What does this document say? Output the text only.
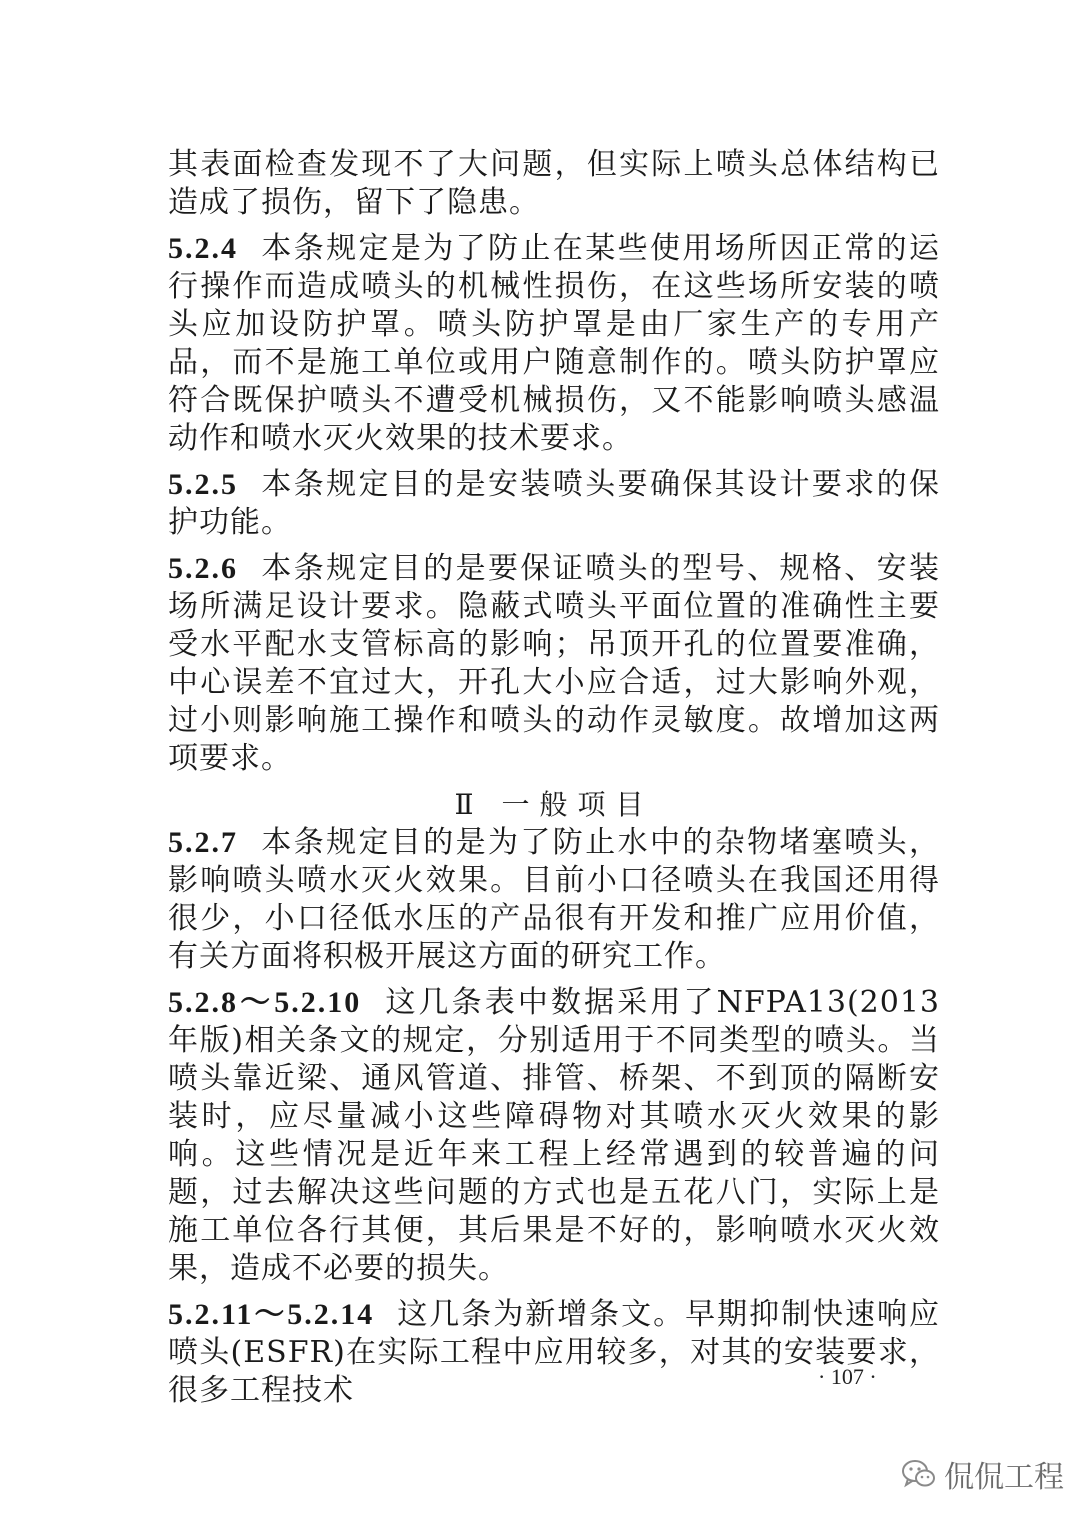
其表面检查发现不了大问题，但实际上喷头总体结构已造成了损伤，留下了隐患。

5.2.4 本条规定是为了防止在某些使用场所因正常的运行操作而造成喷头的机械性损伤，在这些场所安装的喷头应加设防护罩。喷头防护罩是由厂家生产的专用产品，而不是施工单位或用户随意制作的。喷头防护罩应符合既保护喷头不遭受机械损伤，又不能影响喷头感温动作和喷水灭火效果的技术要求。

5.2.5 本条规定目的是安装喷头要确保其设计要求的保护功能。

5.2.6 本条规定目的是要保证喷头的型号、规格、安装场所满足设计要求。隐蔽式喷头平面位置的准确性主要受水平配水支管标高的影响；吊顶开孔的位置要准确，中心误差不宜过大，开孔大小应合适，过大影响外观，过小则影响施工操作和喷头的动作灵敏度。故增加这两项要求。

Ⅱ 一般项目

5.2.7 本条规定目的是为了防止水中的杂物堵塞喷头，影响喷头喷水灭火效果。目前小口径喷头在我国还用得很少，小口径低水压的产品很有开发和推广应用价值，有关方面将积极开展这方面的研究工作。

5.2.8～5.2.10 这几条表中数据采用了NFPA13(2013年版)相关条文的规定，分别适用于不同类型的喷头。当喷头靠近梁、通风管道、排管、桥架、不到顶的隔断安装时，应尽量减小这些障碍物对其喷水灭火效果的影响。这些情况是近年来工程上经常遇到的较普遍的问题，过去解决这些问题的方式也是五花八门，实际上是施工单位各行其便，其后果是不好的，影响喷水灭火效果，造成不必要的损失。

5.2.11～5.2.14 这几条为新增条文。早期抑制快速响应喷头(ESFR)在实际工程中应用较多，对其的安装要求，很多工程技术	· 107 ·
侃侃工程
